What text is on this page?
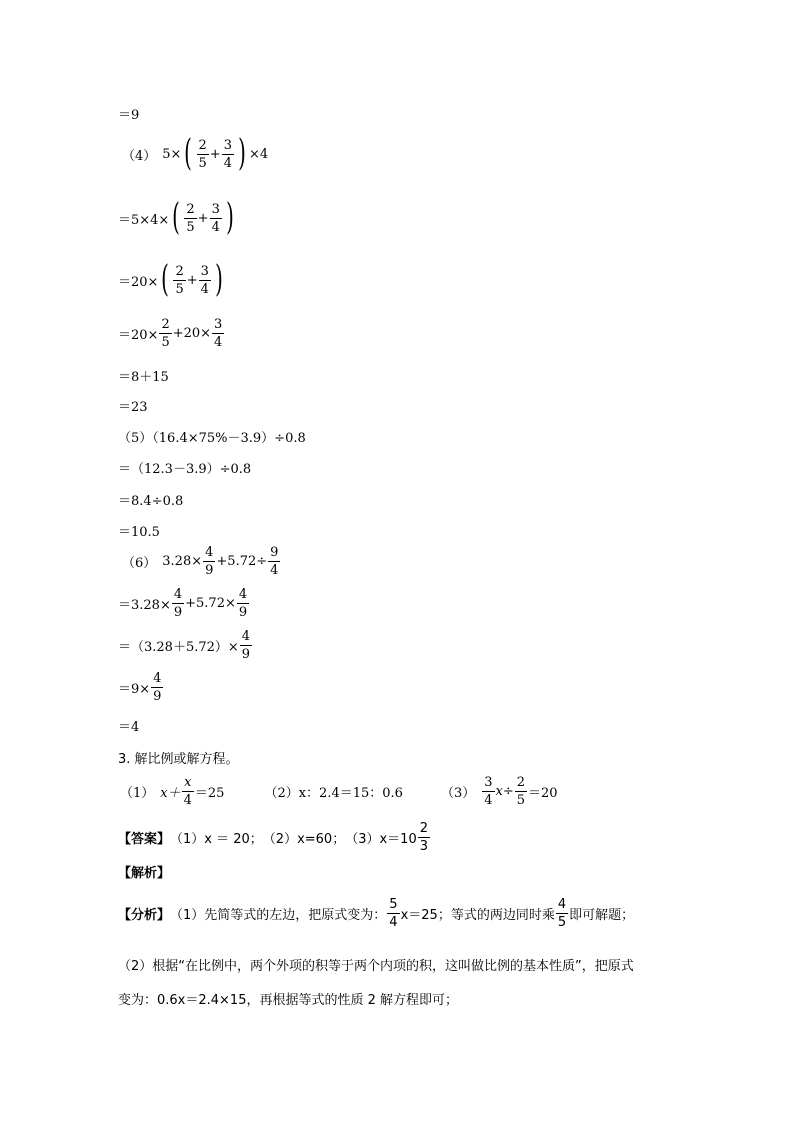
＝9
（4） 5× ( $\frac{2}{5} + \frac{3}{4}$ ) ×4
＝5×4× ( $\frac{2}{5} + \frac{3}{4}$ )
＝20× ( $\frac{2}{5} + \frac{3}{4}$ )
$=20\times \frac{2}{5} +20\times \frac{3}{4}$
＝8＋15
＝23
（5）（16.4×75%－3.9）÷0.8
＝（12.3－3.9）÷0.8
＝8.4÷0.8
＝10.5
（6） $3.28\times \frac{4}{9} +5.72\div \frac{9}{4}$
$=3.28\times \frac{4}{9} +5.72\times \frac{4}{9}$
$=(3.28+5.72)\times \frac{4}{9}$
$=9\times \frac{4}{9}$
＝4
3. 解比例或解方程。
（1） $x+ \frac{x}{4} =25$	（2）x：2.4＝15：0.6	$(3) \frac{3}{4} x\div \frac{2}{5} =20$
【答案】 （1）x ＝ 20； （2）x=60； $(3)x=10 \frac{2}{3}$
【解析】
【分析】 （1）先简等式的左边，把原式变为： $\frac{5}{4} x=25$；等式的两边同时乘 $\frac{4}{5}$ 即可解题；
（2）根据“在比例中，两个外项的积等于两个内项的积，这叫做比例的基本性质”，把原式
变为：0.6x＝2.4×15，再根据等式的性质 2 解方程即可；
